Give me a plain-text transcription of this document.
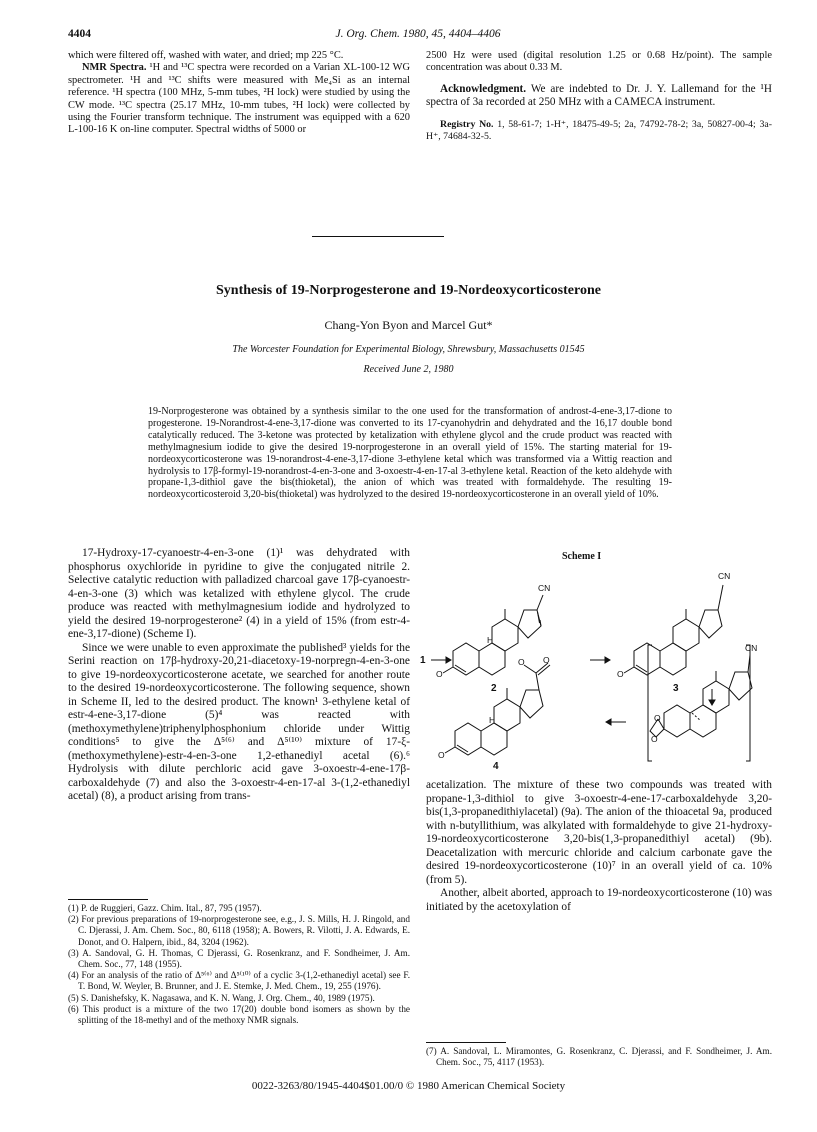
4404	J. Org. Chem. 1980, 45, 4404–4406

which were filtered off, washed with water, and dried; mp 225 °C.

NMR Spectra. ¹H and ¹³C spectra were recorded on a Varian XL-100-12 WG spectrometer. ¹H and ¹³C shifts were measured with Me₄Si as an internal reference. ¹H spectra (100 MHz, 5-mm tubes, ²H lock) were studied by using the CW mode. ¹³C spectra (25.17 MHz, 10-mm tubes, ²H lock) were collected by using the Fourier transform technique. The instrument was equipped with a 620 L-100-16 K on-line computer. Spectral widths of 5000 or

2500 Hz were used (digital resolution 1.25 or 0.68 Hz/point). The sample concentration was about 0.33 M.

Acknowledgment. We are indebted to Dr. J. Y. Lallemand for the ¹H spectra of 3a recorded at 250 MHz with a CAMECA instrument.

Registry No. 1, 58-61-7; 1-H⁺, 18475-49-5; 2a, 74792-78-2; 3a, 50827-00-4; 3a-H⁺, 74684-32-5.

Synthesis of 19-Norprogesterone and 19-Nordeoxycorticosterone
Chang-Yon Byon and Marcel Gut*
The Worcester Foundation for Experimental Biology, Shrewsbury, Massachusetts 01545
Received June 2, 1980
19-Norprogesterone was obtained by a synthesis similar to the one used for the transformation of androst-4-ene-3,17-dione to progesterone. 19-Norandrost-4-ene-3,17-dione was converted to its 17-cyanohydrin and dehydrated and the 16,17 double bond catalytically reduced. The 3-ketone was protected by ketalization with ethylene glycol and the crude product was reacted with methylmagnesium iodide to give the desired 19-norprogesterone in an overall yield of 15%. The starting material for 19-nordeoxycorticosterone was 19-norandrost-4-ene-3,17-dione 3-ethylene ketal which was transformed via a Wittig reaction and hydrolysis to 17β-formyl-19-norandrost-4-en-3-one and 3-oxoestr-4-en-17-al 3-ethylene ketal. Reaction of the keto aldehyde with propane-1,3-dithiol gave the bis(thioketal), the anion of which was treated with formaldehyde. The resulting 19-nordeoxycorticosteroid 3,20-bis(thioketal) was hydrolyzed to the desired 19-nordeoxycorticosterone in an overall yield of 10%.

17-Hydroxy-17-cyanoestr-4-en-3-one (1)¹ was dehydrated with phosphorus oxychloride in pyridine to give the conjugated nitrile 2. Selective catalytic reduction with palladized charcoal gave 17β-cyanoestr-4-en-3-one (3) which was ketalized with ethylene glycol. The crude produce was reacted with methylmagnesium iodide and hydrolyzed to yield the desired 19-norprogesterone² (4) in a yield of 15% (from estr-4-ene-3,17-dione) (Scheme I).

Since we were unable to even approximate the published³ yields for the Serini reaction on 17β-hydroxy-20,21-diacetoxy-19-norpregn-4-en-3-one to give 19-nordeoxycorticosterone acetate, we searched for another route to the desired 19-nordeoxycorticosterone. The following sequence, shown in Scheme II, led to the desired product. The known¹ 3-ethylene ketal of estr-4-ene-3,17-dione (5)⁴ was reacted with (methoxymethylene)triphenylphosphonium chloride under Wittig conditions⁵ to give the Δ⁵⁽⁶⁾ and Δ⁵⁽¹⁰⁾ mixture of 17-ξ-(methoxymethylene)-estr-4-en-3-one 1,2-ethanediyl acetal (6).⁶ Hydrolysis with dilute perchloric acid gave 3-oxoestr-4-ene-17β-carboxaldehyde (7) and also the 3-oxoestr-4-en-17-al 3-(1,2-ethanediyl acetal) (8), a product arising from trans-

(1) P. de Ruggieri, Gazz. Chim. Ital., 87, 795 (1957).

(2) For previous preparations of 19-norprogesterone see, e.g., J. S. Mills, H. J. Ringold, and C. Djerassi, J. Am. Chem. Soc., 80, 6118 (1958); A. Bowers, R. Vilotti, J. A. Edwards, E. Donot, and O. Halpern, ibid., 84, 3204 (1962).

(3) A. Sandoval, G. H. Thomas, C Djerassi, G. Rosenkranz, and F. Sondheimer, J. Am. Chem. Soc., 77, 148 (1955).

(4) For an analysis of the ratio of Δ⁵⁽⁶⁾ and Δ⁵⁽¹⁰⁾ of a cyclic 3-(1,2-ethanediyl acetal) see F. T. Bond, W. Weyler, B. Brunner, and J. E. Stemke, J. Med. Chem., 19, 255 (1976).

(5) S. Danishefsky, K. Nagasawa, and K. N. Wang, J. Org. Chem., 40, 1989 (1975).

(6) This product is a mixture of the two 17(20) double bond isomers as shown by the splitting of the 18-methyl and of the methoxy NMR signals.

Scheme I
CN
CN
CN
H
H
O	O
O
O O
O
O
1
2	3
4

acetalization. The mixture of these two compounds was treated with propane-1,3-dithiol to give 3-oxoestr-4-ene-17-carboxaldehyde 3,20-bis(1,3-propanedithiylacetal) (9a). The anion of the thioacetal 9a, produced with n-butyllithium, was alkylated with formaldehyde to give 21-hydroxy-19-nordeoxycorticosterone 3,20-bis(1,3-propanedithiyl acetal) (9b). Deacetalization with mercuric chloride and calcium carbonate gave the desired 19-nordeoxycorticosterone (10)⁷ in an overall yield of ca. 10% (from 5).

Another, albeit aborted, approach to 19-nordeoxycorticosterone (10) was initiated by the acetoxylation of

(7) A. Sandoval, L. Miramontes, G. Rosenkranz, C. Djerassi, and F. Sondheimer, J. Am. Chem. Soc., 75, 4117 (1953).

0022-3263/80/1945-4404$01.00/0 © 1980 American Chemical Society
